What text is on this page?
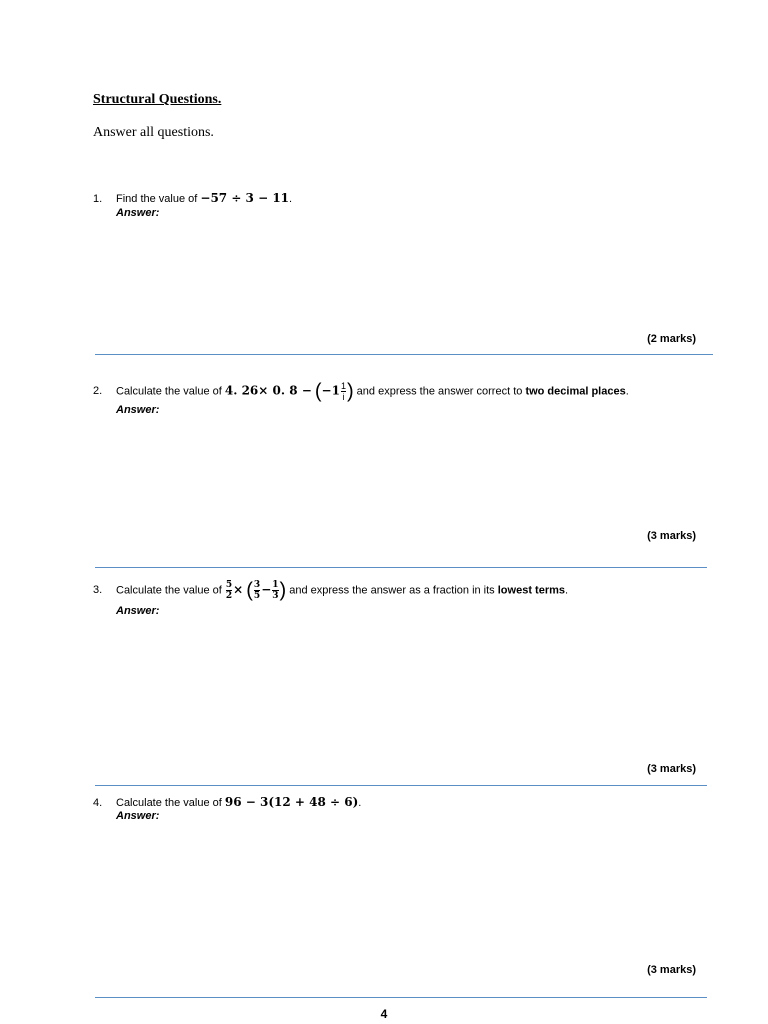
Structural Questions.
Answer all questions.
1. Find the value of −57 ÷ 3 − 11.
Answer:
(2 marks)
2. Calculate the value of 4. 26× 0. $8 - (-1 \frac{1}{i}$ ) and express the answer correct to two decimal places.
Answer:
(3 marks)
3. Calculate the value of $\frac{5}{2}$ × ( $\frac{3}{5} - \frac{1}{3}$ ) and express the answer as a fraction in its lowest terms.
Answer:
(3 marks)
4. Calculate the value of 96 − 3(12 + 48 ÷ 6).
Answer:
(3 marks)
4
